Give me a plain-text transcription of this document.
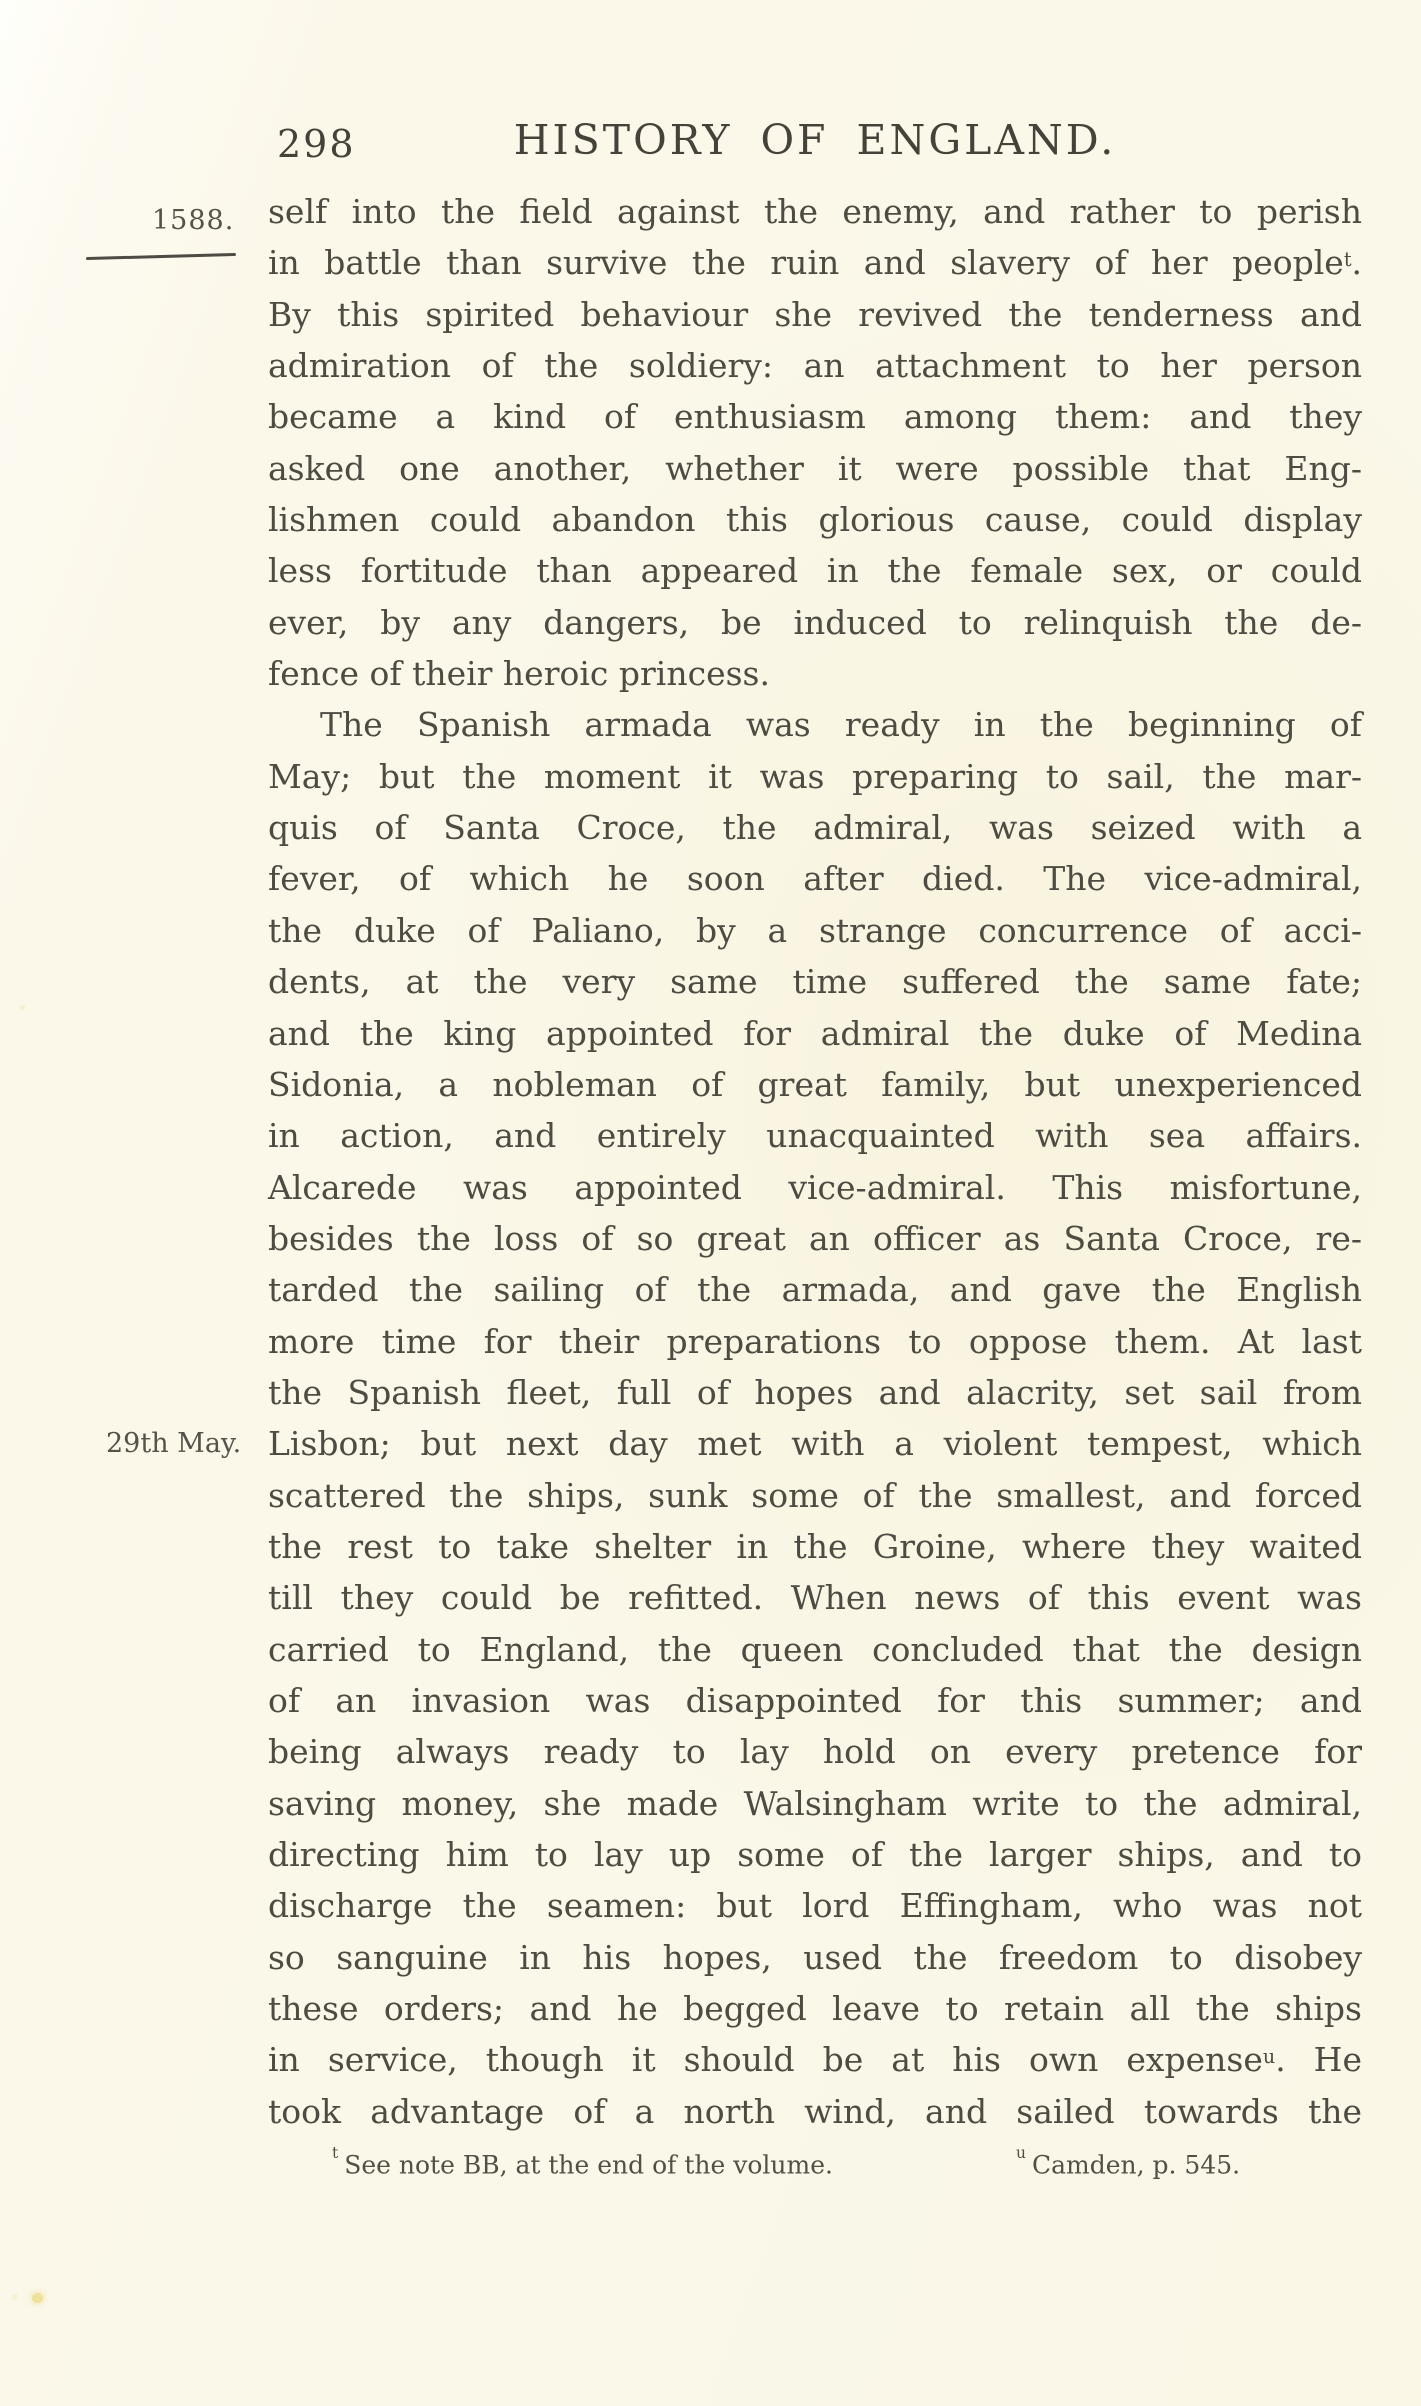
298	HISTORY OF ENGLAND.
1588.
29th May.
self into the field against the enemy, and rather to perish
in battle than survive the ruin and slavery of her people$^t$.
By this spirited behaviour she revived the tenderness and
admiration of the soldiery: an attachment to her person
became a kind of enthusiasm among them: and they
asked one another, whether it were possible that Eng-
lishmen could abandon this glorious cause, could display
less fortitude than appeared in the female sex, or could
ever, by any dangers, be induced to relinquish the de-
fence of their heroic princess.
The Spanish armada was ready in the beginning of
May; but the moment it was preparing to sail, the mar-
quis of Santa Croce, the admiral, was seized with a
fever, of which he soon after died. The vice-admiral,
the duke of Paliano, by a strange concurrence of acci-
dents, at the very same time suffered the same fate;
and the king appointed for admiral the duke of Medina
Sidonia, a nobleman of great family, but unexperienced
in action, and entirely unacquainted with sea affairs.
Alcarede was appointed vice-admiral. This misfortune,
besides the loss of so great an officer as Santa Croce, re-
tarded the sailing of the armada, and gave the English
more time for their preparations to oppose them. At last
the Spanish fleet, full of hopes and alacrity, set sail from
Lisbon; but next day met with a violent tempest, which
scattered the ships, sunk some of the smallest, and forced
the rest to take shelter in the Groine, where they waited
till they could be refitted. When news of this event was
carried to England, the queen concluded that the design
of an invasion was disappointed for this summer; and
being always ready to lay hold on every pretence for
saving money, she made Walsingham write to the admiral,
directing him to lay up some of the larger ships, and to
discharge the seamen: but lord Effingham, who was not
so sanguine in his hopes, used the freedom to disobey
these orders; and he begged leave to retain all the ships
in service, though it should be at his own expense$^u$. He
took advantage of a north wind, and sailed towards the
$^t$ See note BB, at the end of the volume.	$^u$ Camden, p. 545.
